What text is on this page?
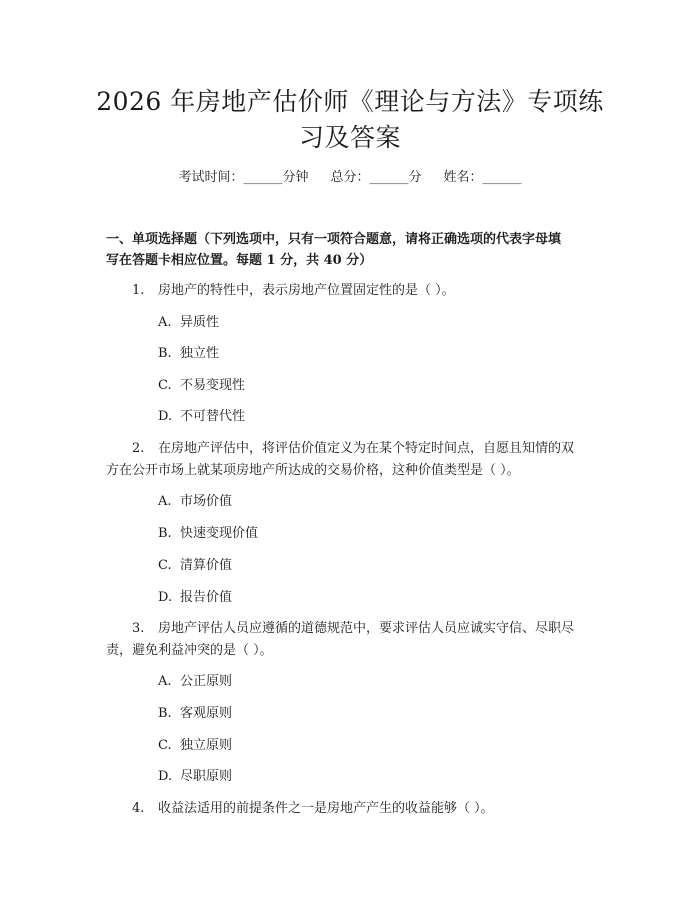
2026 年房地产估价师《理论与方法》专项练
习及答案
考试时间：______分钟 总分：______分 姓名：______
一、单项选择题（下列选项中，只有一项符合题意，请将正确选项的代表字母填
写在答题卡相应位置。每题 1 分，共 40 分）
1. 房地产的特性中，表示房地产位置固定性的是（ ）。
A. 异质性
B. 独立性
C. 不易变现性
D. 不可替代性
2. 在房地产评估中，将评估价值定义为在某个特定时间点，自愿且知情的双
方在公开市场上就某项房地产所达成的交易价格，这种价值类型是（ ）。
A. 市场价值
B. 快速变现价值
C. 清算价值
D. 报告价值
3. 房地产评估人员应遵循的道德规范中，要求评估人员应诚实守信、尽职尽
责，避免利益冲突的是（ ）。
A. 公正原则
B. 客观原则
C. 独立原则
D. 尽职原则
4. 收益法适用的前提条件之一是房地产产生的收益能够（ ）。
